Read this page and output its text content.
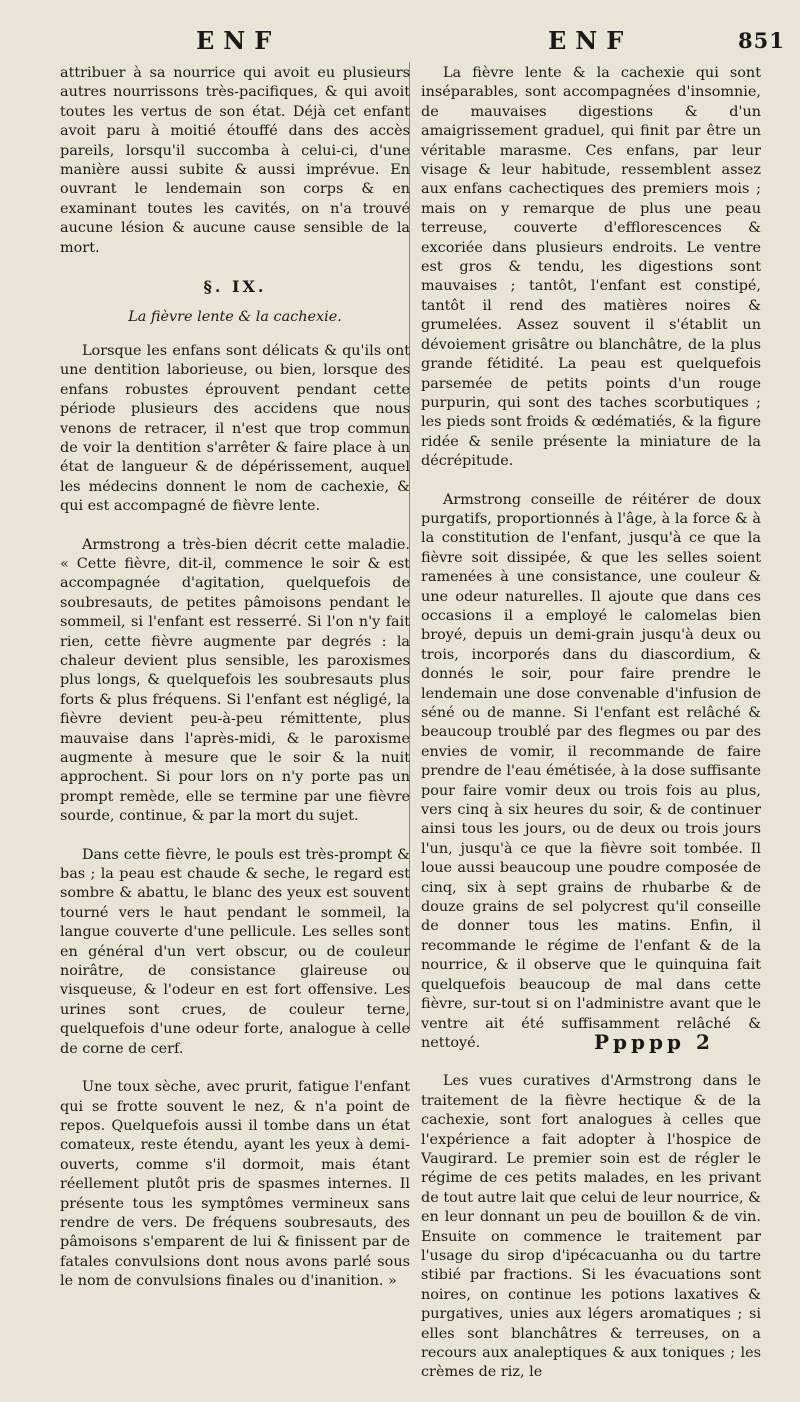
ENF	ENF	851

attribuer à sa nourrice qui avoit eu plusieurs autres nourrissons très-pacifiques, & qui avoit toutes les vertus de son état. Déjà cet enfant avoit paru à moitié étouffé dans des accès pareils, lorsqu'il succomba à celui-ci, d'une manière aussi subite & aussi imprévue. En ouvrant le lendemain son corps & en examinant toutes les cavités, on n'a trouvé aucune lésion & aucune cause sensible de la mort.

§. IX.
La fièvre lente & la cachexie.

Lorsque les enfans sont délicats & qu'ils ont une dentition laborieuse, ou bien, lorsque des enfans robustes éprouvent pendant cette période plusieurs des accidens que nous venons de retracer, il n'est que trop commun de voir la dentition s'arrêter & faire place à un état de langueur & de dépérissement, auquel les médecins donnent le nom de cachexie, & qui est accompagné de fièvre lente.

Armstrong a très-bien décrit cette maladie. « Cette fièvre, dit-il, commence le soir & est accompagnée d'agitation, quelquefois de soubresauts, de petites pâmoisons pendant le sommeil, si l'enfant est resserré. Si l'on n'y fait rien, cette fièvre augmente par degrés : la chaleur devient plus sensible, les paroxismes plus longs, & quelquefois les soubresauts plus forts & plus fréquens. Si l'enfant est négligé, la fièvre devient peu-à-peu rémittente, plus mauvaise dans l'après-midi, & le paroxisme augmente à mesure que le soir & la nuit approchent. Si pour lors on n'y porte pas un prompt remède, elle se termine par une fièvre sourde, continue, & par la mort du sujet.

Dans cette fièvre, le pouls est très-prompt & bas ; la peau est chaude & seche, le regard est sombre & abattu, le blanc des yeux est souvent tourné vers le haut pendant le sommeil, la langue couverte d'une pellicule. Les selles sont en général d'un vert obscur, ou de couleur noirâtre, de consistance glaireuse ou visqueuse, & l'odeur en est fort offensive. Les urines sont crues, de couleur terne, quelquefois d'une odeur forte, analogue à celle de corne de cerf.

Une toux sèche, avec prurit, fatigue l'enfant qui se frotte souvent le nez, & n'a point de repos. Quelquefois aussi il tombe dans un état comateux, reste étendu, ayant les yeux à demi-ouverts, comme s'il dormoit, mais étant réellement plutôt pris de spasmes internes. Il présente tous les symptômes vermineux sans rendre de vers. De fréquens soubresauts, des pâmoisons s'emparent de lui & finissent par de fatales convulsions dont nous avons parlé sous le nom de convulsions finales ou d'inanition. »

La fièvre lente & la cachexie qui sont inséparables, sont accompagnées d'insomnie, de mauvaises digestions & d'un amaigrissement graduel, qui finit par être un véritable marasme. Ces enfans, par leur visage & leur habitude, ressemblent assez aux enfans cachectiques des premiers mois ; mais on y remarque de plus une peau terreuse, couverte d'efflorescences & excoriée dans plusieurs endroits. Le ventre est gros & tendu, les digestions sont mauvaises ; tantôt, l'enfant est constipé, tantôt il rend des matières noires & grumelées. Assez souvent il s'établit un dévoiement grisâtre ou blanchâtre, de la plus grande fétidité. La peau est quelquefois parsemée de petits points d'un rouge purpurin, qui sont des taches scorbutiques ; les pieds sont froids & œdématiés, & la figure ridée & senile présente la miniature de la décrépitude.

Armstrong conseille de réitérer de doux purgatifs, proportionnés à l'âge, à la force & à la constitution de l'enfant, jusqu'à ce que la fièvre soit dissipée, & que les selles soient ramenées à une consistance, une couleur & une odeur naturelles. Il ajoute que dans ces occasions il a employé le calomelas bien broyé, depuis un demi-grain jusqu'à deux ou trois, incorporés dans du diascordium, & donnés le soir, pour faire prendre le lendemain une dose convenable d'infusion de séné ou de manne. Si l'enfant est relâché & beaucoup troublé par des flegmes ou par des envies de vomir, il recommande de faire prendre de l'eau émétisée, à la dose suffisante pour faire vomir deux ou trois fois au plus, vers cinq à six heures du soir, & de continuer ainsi tous les jours, ou de deux ou trois jours l'un, jusqu'à ce que la fièvre soit tombée. Il loue aussi beaucoup une poudre composée de cinq, six à sept grains de rhubarbe & de douze grains de sel polycrest qu'il conseille de donner tous les matins. Enfin, il recommande le régime de l'enfant & de la nourrice, & il observe que le quinquina fait quelquefois beaucoup de mal dans cette fièvre, sur-tout si on l'administre avant que le ventre ait été suffisamment relâché & nettoyé.

Les vues curatives d'Armstrong dans le traitement de la fièvre hectique & de la cachexie, sont fort analogues à celles que l'expérience a fait adopter à l'hospice de Vaugirard. Le premier soin est de régler le régime de ces petits malades, en les privant de tout autre lait que celui de leur nourrice, & en leur donnant un peu de bouillon & de vin. Ensuite on commence le traitement par l'usage du sirop d'ipécacuanha ou du tartre stibié par fractions. Si les évacuations sont noires, on continue les potions laxatives & purgatives, unies aux légers aromatiques ; si elles sont blanchâtres & terreuses, on a recours aux analeptiques & aux toniques ; les crèmes de riz, le

Ppppp 2
